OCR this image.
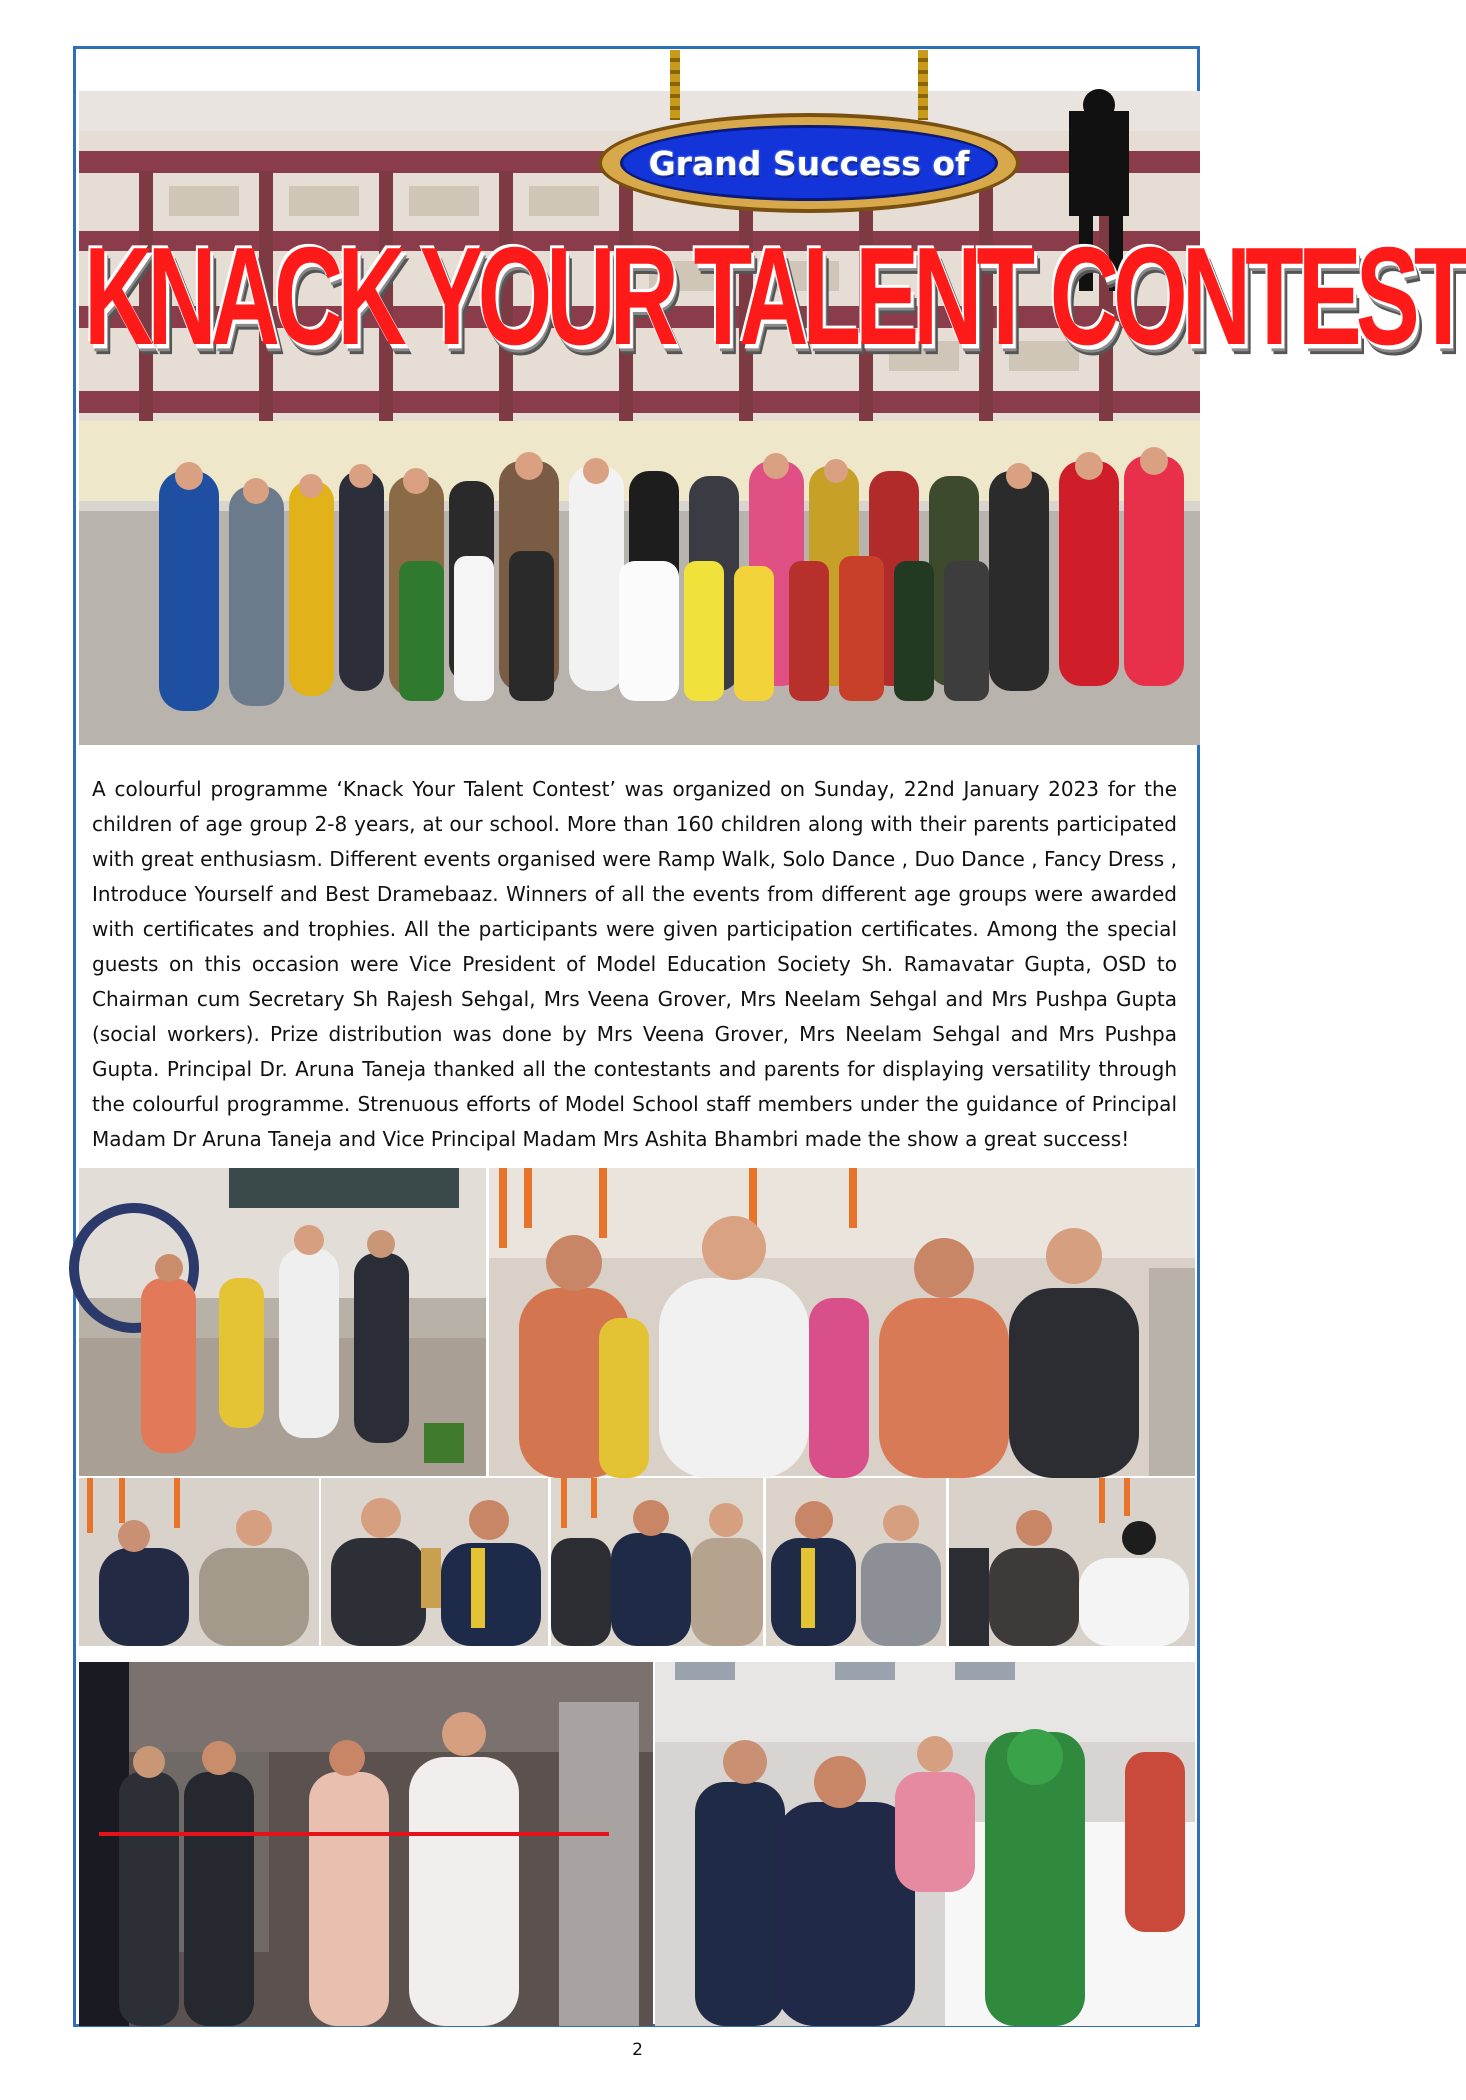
Grand Success of
KNACK YOUR TALENT CONTEST

A colourful programme ‘Knack Your Talent Contest’ was organized on Sunday, 22nd January 2023 for the children of age group 2-8 years, at our school. More than 160 children along with their parents participated with great enthusiasm. Different events organised were Ramp Walk, Solo Dance , Duo Dance , Fancy Dress , Introduce Yourself and Best Dramebaaz. Winners of all the events from different age groups were awarded with certificates and trophies. All the participants were given participation certificates. Among the special guests on this occasion were Vice President of Model Education Society Sh. Ramavatar Gupta, OSD to Chairman cum Secretary Sh Rajesh Sehgal, Mrs Veena Grover, Mrs Neelam Sehgal and Mrs Pushpa Gupta (social workers). Prize distribution was done by Mrs Veena Grover, Mrs Neelam Sehgal and Mrs Pushpa Gupta. Principal Dr. Aruna Taneja thanked all the contestants and parents for displaying versatility through the colourful programme. Strenuous efforts of Model School staff members under the guidance of Principal Madam Dr Aruna Taneja and Vice Principal Madam Mrs Ashita Bhambri made the show a great success!

2
